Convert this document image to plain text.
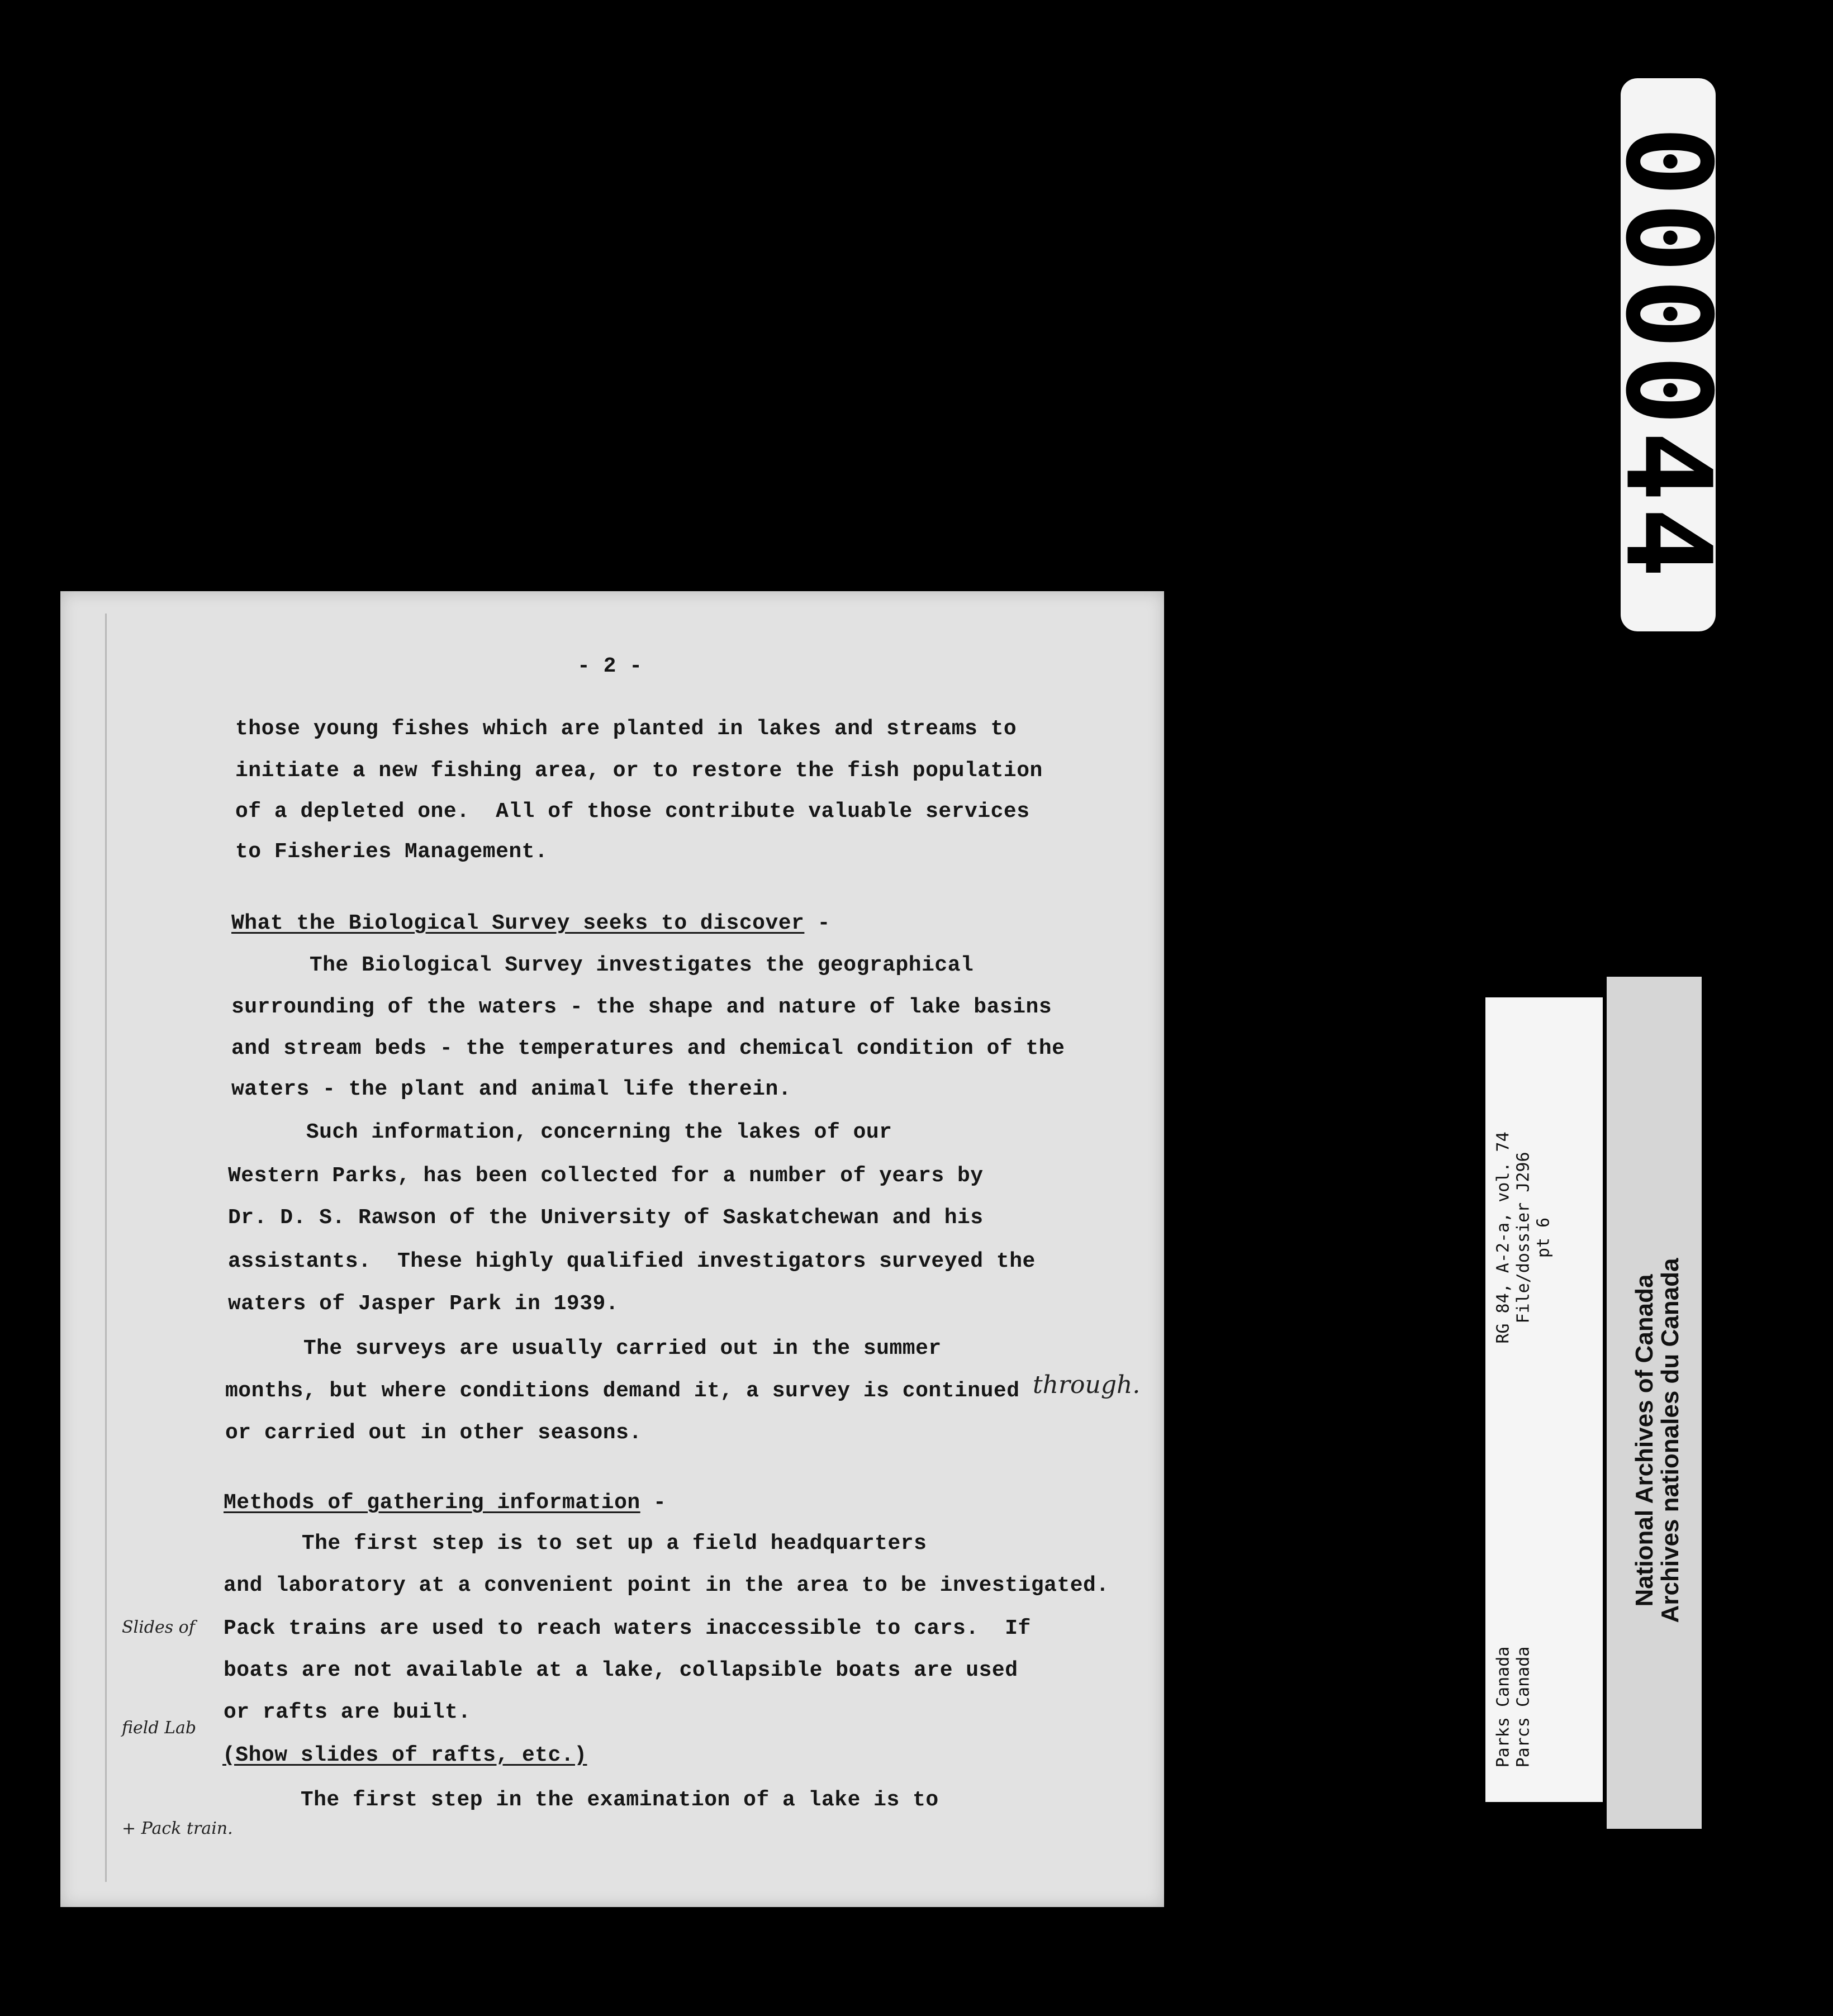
- 2 -
those young fishes which are planted in lakes and streams to
initiate a new fishing area, or to restore the fish population
of a depleted one.  All of those contribute valuable services
to Fisheries Management.
What the Biological Survey seeks to discover -
The Biological Survey investigates the geographical
surrounding of the waters - the shape and nature of lake basins
and stream beds - the temperatures and chemical condition of the
waters - the plant and animal life therein.
Such information, concerning the lakes of our
Western Parks, has been collected for a number of years by
Dr. D. S. Rawson of the University of Saskatchewan and his
assistants.  These highly qualified investigators surveyed the
waters of Jasper Park in 1939.
The surveys are usually carried out in the summer
months, but where conditions demand it, a survey is continued through.
or carried out in other seasons.
Methods of gathering information -
The first step is to set up a field headquarters
and laboratory at a convenient point in the area to be investigated.
Pack trains are used to reach waters inaccessible to cars.  If
boats are not available at a lake, collapsible boats are used
or rafts are built.
(Show slides of rafts, etc.)
The first step in the examination of a lake is to

Slides of

field Lab

+ Pack train.

000044
RG 84, A-2-a, vol. 74 File/dossier J296 pt 6
Parks Canada Parcs Canada
National Archives of Canada
Archives nationales du Canada
